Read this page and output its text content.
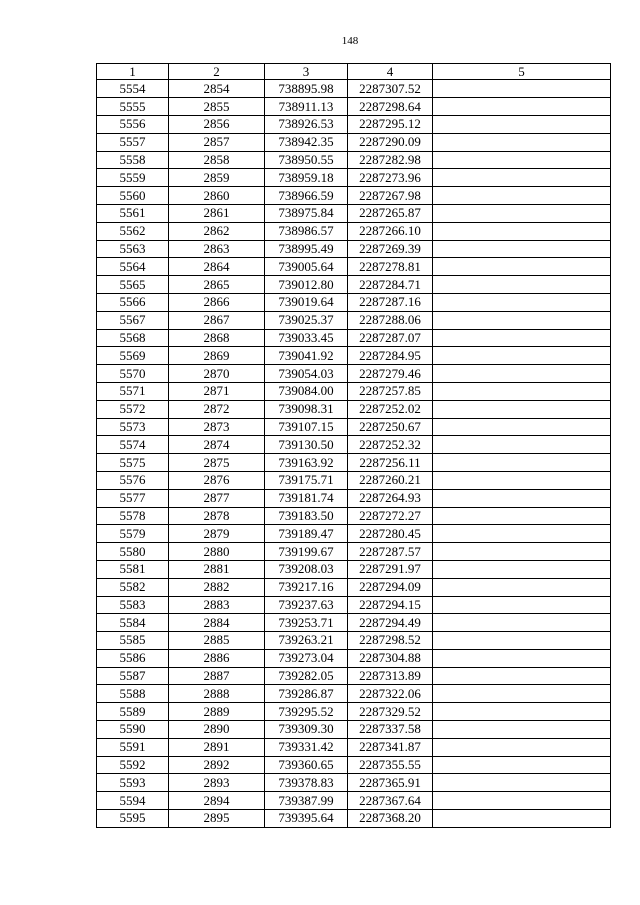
148
1	2	3	4	5
5554	2854	738895.98	2287307.52	
5555	2855	738911.13	2287298.64	
5556	2856	738926.53	2287295.12	
5557	2857	738942.35	2287290.09	
5558	2858	738950.55	2287282.98	
5559	2859	738959.18	2287273.96	
5560	2860	738966.59	2287267.98	
5561	2861	738975.84	2287265.87	
5562	2862	738986.57	2287266.10	
5563	2863	738995.49	2287269.39	
5564	2864	739005.64	2287278.81	
5565	2865	739012.80	2287284.71	
5566	2866	739019.64	2287287.16	
5567	2867	739025.37	2287288.06	
5568	2868	739033.45	2287287.07	
5569	2869	739041.92	2287284.95	
5570	2870	739054.03	2287279.46	
5571	2871	739084.00	2287257.85	
5572	2872	739098.31	2287252.02	
5573	2873	739107.15	2287250.67	
5574	2874	739130.50	2287252.32	
5575	2875	739163.92	2287256.11	
5576	2876	739175.71	2287260.21	
5577	2877	739181.74	2287264.93	
5578	2878	739183.50	2287272.27	
5579	2879	739189.47	2287280.45	
5580	2880	739199.67	2287287.57	
5581	2881	739208.03	2287291.97	
5582	2882	739217.16	2287294.09	
5583	2883	739237.63	2287294.15	
5584	2884	739253.71	2287294.49	
5585	2885	739263.21	2287298.52	
5586	2886	739273.04	2287304.88	
5587	2887	739282.05	2287313.89	
5588	2888	739286.87	2287322.06	
5589	2889	739295.52	2287329.52	
5590	2890	739309.30	2287337.58	
5591	2891	739331.42	2287341.87	
5592	2892	739360.65	2287355.55	
5593	2893	739378.83	2287365.91	
5594	2894	739387.99	2287367.64	
5595	2895	739395.64	2287368.20	
